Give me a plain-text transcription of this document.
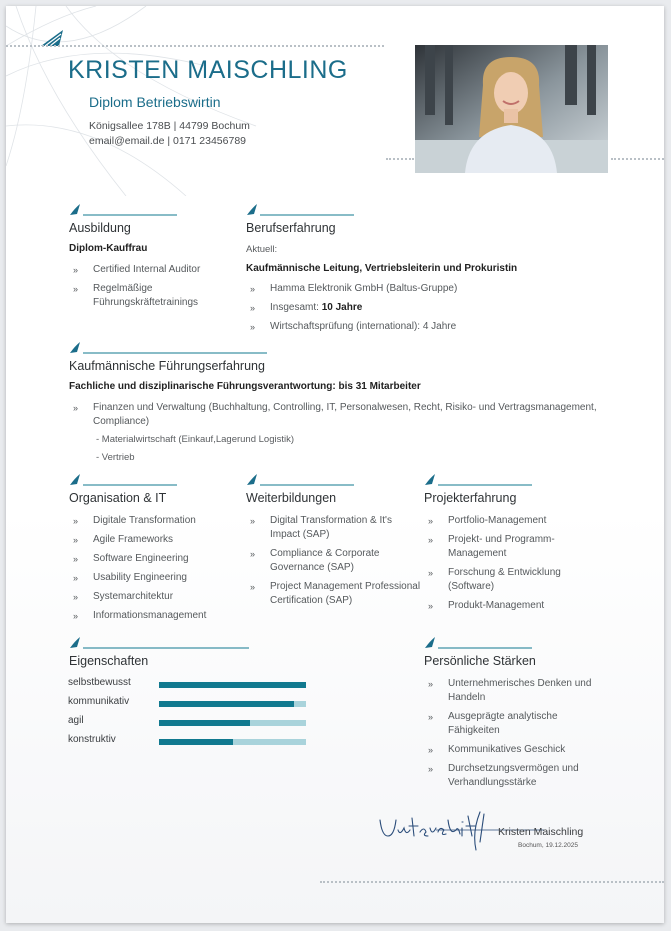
KRISTEN MAISCHLING
Diplom Betriebswirtin
Königsallee 178B | 44799 Bochum
email@email.de | 0171 23456789
Ausbildung
Diplom-Kauffrau
» Certified Internal Auditor
» Regelmäßige Führungskräftetrainings
Berufserfahrung
Aktuell:
Kaufmännische Leitung, Vertriebsleiterin und Prokuristin
» Hamma Elektronik GmbH (Baltus-Gruppe)
» Insgesamt: 10 Jahre
» Wirtschaftsprüfung (international): 4 Jahre
Kaufmännische Führungserfahrung
Fachliche und disziplinarische Führungsverantwortung: bis 31 Mitarbeiter
» Finanzen und Verwaltung (Buchhaltung, Controlling, IT, Personalwesen, Recht, Risiko- und Vertragsmanagement, Compliance)
- Materialwirtschaft (Einkauf,Lagerund Logistik)
- Vertrieb
Organisation & IT
» Digitale Transformation
» Agile Frameworks
» Software Engineering
» Usability Engineering
» Systemarchitektur
» Informationsmanagement
Weiterbildungen
» Digital Transformation & It's Impact (SAP)
» Compliance & Corporate Governance (SAP)
» Project Management Professional Certification (SAP)
Projekterfahrung
» Portfolio-Management
» Projekt- und Programm-Management
» Forschung & Entwicklung (Software)
» Produkt-Management
Eigenschaften
selbstbewusst
kommunikativ
agil
konstruktiv
Persönliche Stärken
» Unternehmerisches Denken und Handeln
» Ausgeprägte analytische Fähigkeiten
» Kommunikatives Geschick
» Durchsetzungsvermögen und Verhandlungsstärke
Kristen Maischling
Bochum, 19.12.2025
